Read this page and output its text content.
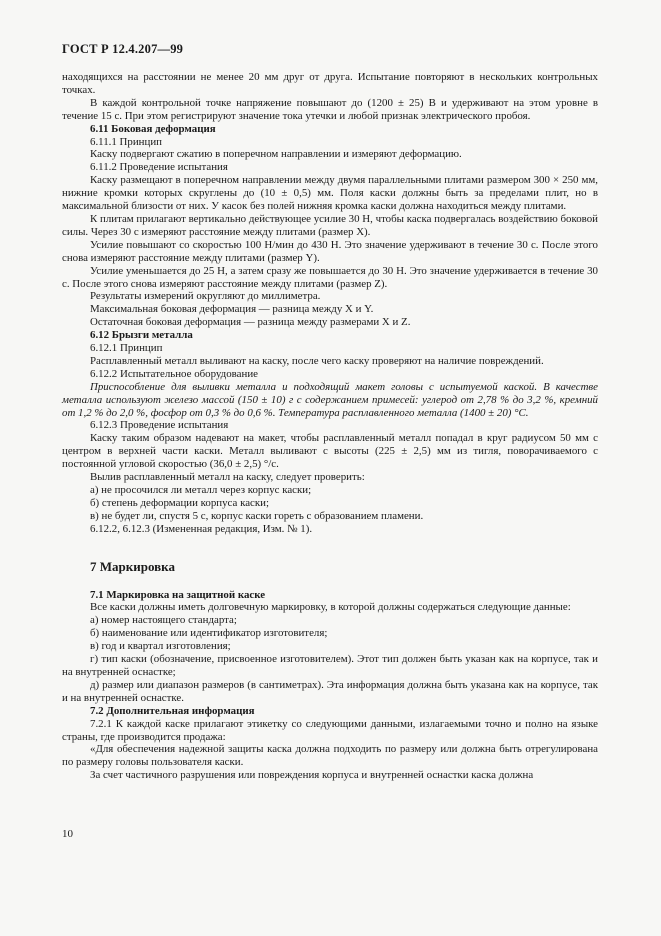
ГОСТ Р 12.4.207—99

находящихся на расстоянии не менее 20 мм друг от друга. Испытание повторяют в нескольких контрольных точках.

В каждой контрольной точке напряжение повышают до (1200 ± 25) В и удерживают на этом уровне в течение 15 с. При этом регистрируют значение тока утечки и любой признак электрического пробоя.

6.11 Боковая деформация

6.11.1 Принцип

Каску подвергают сжатию в поперечном направлении и измеряют деформацию.

6.11.2 Проведение испытания

Каску размещают в поперечном направлении между двумя параллельными плитами размером 300 × 250 мм, нижние кромки которых скруглены до (10 ± 0,5) мм. Поля каски должны быть за пределами плит, но в максимальной близости от них. У касок без полей нижняя кромка каски должна находиться между плитами.

К плитам прилагают вертикально действующее усилие 30 Н, чтобы каска подвергалась воздействию боковой силы. Через 30 с измеряют расстояние между плитами (размер X).

Усилие повышают со скоростью 100 Н/мин до 430 Н. Это значение удерживают в течение 30 с. После этого снова измеряют расстояние между плитами (размер Y).

Усилие уменьшается до 25 Н, а затем сразу же повышается до 30 Н. Это значение удерживается в течение 30 с. После этого снова измеряют расстояние между плитами (размер Z).

Результаты измерений округляют до миллиметра.

Максимальная боковая деформация — разница между X и Y.

Остаточная боковая деформация — разница между размерами X и Z.

6.12 Брызги металла

6.12.1 Принцип

Расплавленный металл выливают на каску, после чего каску проверяют на наличие повреждений.

6.12.2 Испытательное оборудование

Приспособление для выливки металла и подходящий макет головы с испытуемой каской. В качестве металла используют железо массой (150 ± 10) г с содержанием примесей: углерод от 2,78 % до 3,2 %, кремний от 1,2 % до 2,0 %, фосфор от 0,3 % до 0,6 %. Температура расплавленного металла (1400 ± 20) °С.

6.12.3 Проведение испытания

Каску таким образом надевают на макет, чтобы расплавленный металл попадал в круг радиусом 50 мм с центром в верхней части каски. Металл выливают с высоты (225 ± 2,5) мм из тигля, поворачиваемого с постоянной угловой скоростью (36,0 ± 2,5) °/с.

Вылив расплавленный металл на каску, следует проверить:

а) не просочился ли металл через корпус каски;

б) степень деформации корпуса каски;

в) не будет ли, спустя 5 с, корпус каски гореть с образованием пламени.

6.12.2, 6.12.3 (Измененная редакция, Изм. № 1).

7 Маркировка

7.1 Маркировка на защитной каске

Все каски должны иметь долговечную маркировку, в которой должны содержаться следующие данные:

а) номер настоящего стандарта;

б) наименование или идентификатор изготовителя;

в) год и квартал изготовления;

г) тип каски (обозначение, присвоенное изготовителем). Этот тип должен быть указан как на корпусе, так и на внутренней оснастке;

д) размер или диапазон размеров (в сантиметрах). Эта информация должна быть указана как на корпусе, так и на внутренней оснастке.

7.2 Дополнительная информация

7.2.1 К каждой каске прилагают этикетку со следующими данными, излагаемыми точно и полно на языке страны, где производится продажа:

«Для обеспечения надежной защиты каска должна подходить по размеру или должна быть отрегулирована по размеру головы пользователя каски.

За счет частичного разрушения или повреждения корпуса и внутренней оснастки каска должна

10
